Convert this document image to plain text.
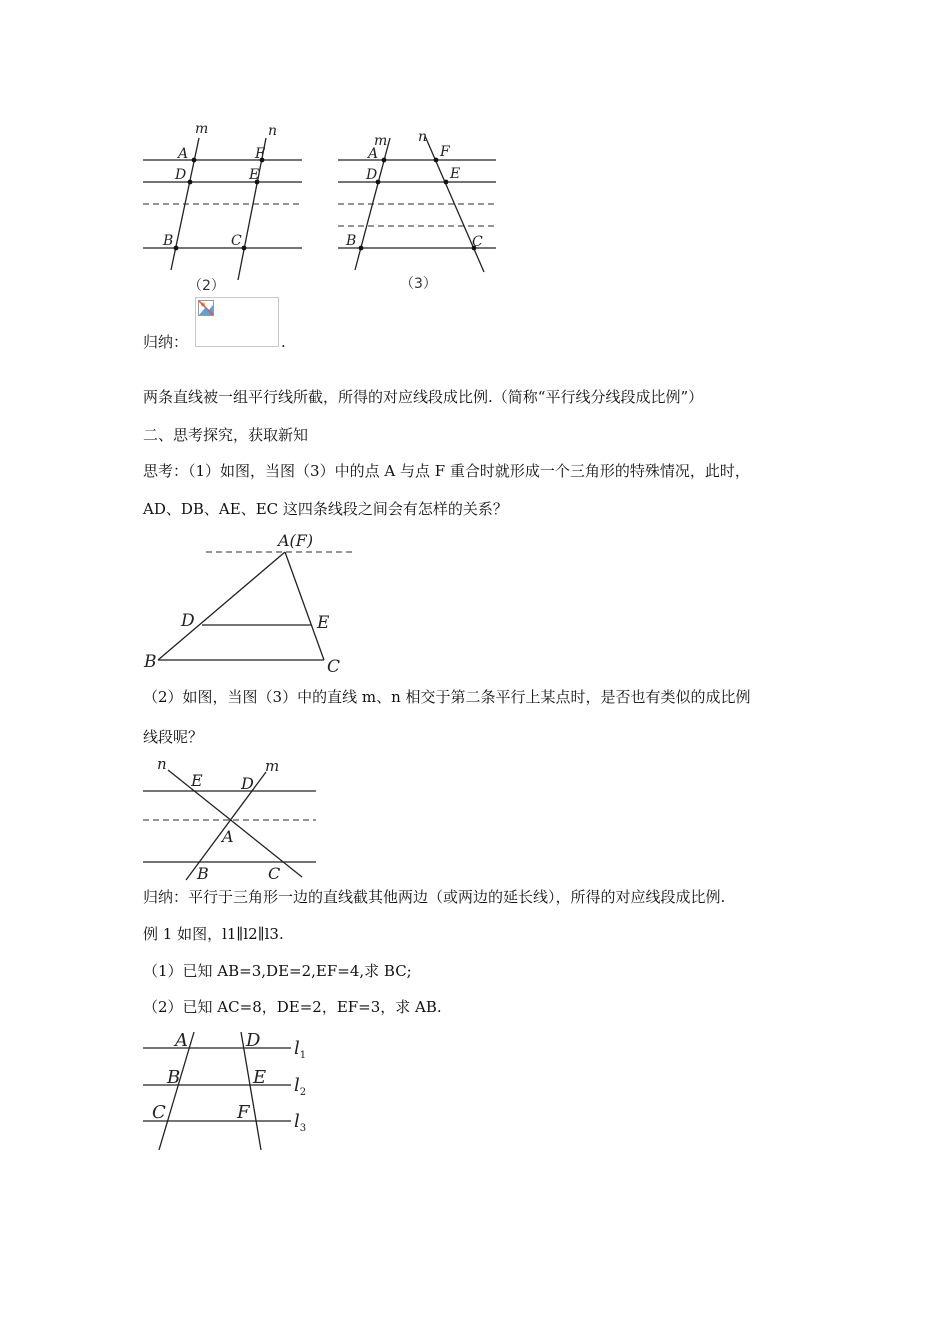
m	n
A	F
D	E
B	C
（2）
m n
A	F
D	E
B	C
（3）
归纳：	.
两条直线被一组平行线所截，所得的对应线段成比例.（简称“平行线分线段成比例”）
二、思考探究，获取新知
思考：（1）如图，当图（3）中的点 A 与点 F 重合时就形成一个三角形的特殊情况，此时，
AD、DB、AE、EC 这四条线段之间会有怎样的关系？
A(F)
D	E
B	C
（2）如图，当图（3）中的直线 m、n 相交于第二条平行上某点时，是否也有类似的成比例
线段呢？
n	m
E D
A
B	C
归纳：平行于三角形一边的直线截其他两边（或两边的延长线），所得的对应线段成比例.
例 1 如图，l1∥l2∥l3.
（1）已知 AB=3,DE=2,EF=4,求 BC;
（2）已知 AC=8，DE=2，EF=3，求 AB.
A	D
B	E
C	F
$l_1$
$l_2$
$l_3$
